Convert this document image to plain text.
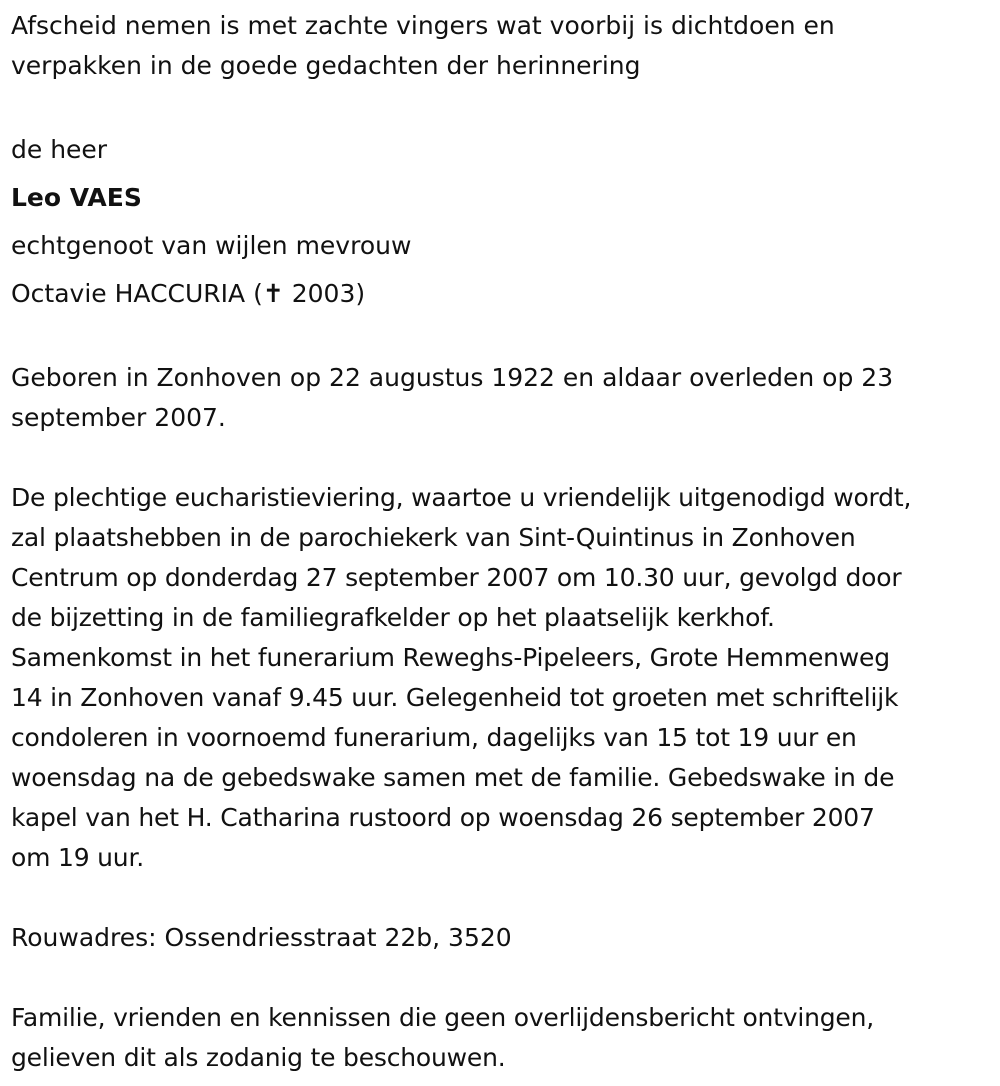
Afscheid nemen is met zachte vingers wat voorbij is dichtdoen en

verpakken in de goede gedachten der herinnering

de heer

Leo VAES

echtgenoot van wijlen mevrouw

Octavie HACCURIA (✝ 2003)

Geboren in Zonhoven op 22 augustus 1922 en aldaar overleden op 23

september 2007.

De plechtige eucharistieviering, waartoe u vriendelijk uitgenodigd wordt,

zal plaatshebben in de parochiekerk van Sint-Quintinus in Zonhoven

Centrum op donderdag 27 september 2007 om 10.30 uur, gevolgd door

de bijzetting in de familiegrafkelder op het plaatselijk kerkhof.

Samenkomst in het funerarium Reweghs-Pipeleers, Grote Hemmenweg

14 in Zonhoven vanaf 9.45 uur. Gelegenheid tot groeten met schriftelijk

condoleren in voornoemd funerarium, dagelijks van 15 tot 19 uur en

woensdag na de gebedswake samen met de familie. Gebedswake in de

kapel van het H. Catharina rustoord op woensdag 26 september 2007

om 19 uur.

Rouwadres: Ossendriesstraat 22b, 3520

Familie, vrienden en kennissen die geen overlijdensbericht ontvingen,

gelieven dit als zodanig te beschouwen.
